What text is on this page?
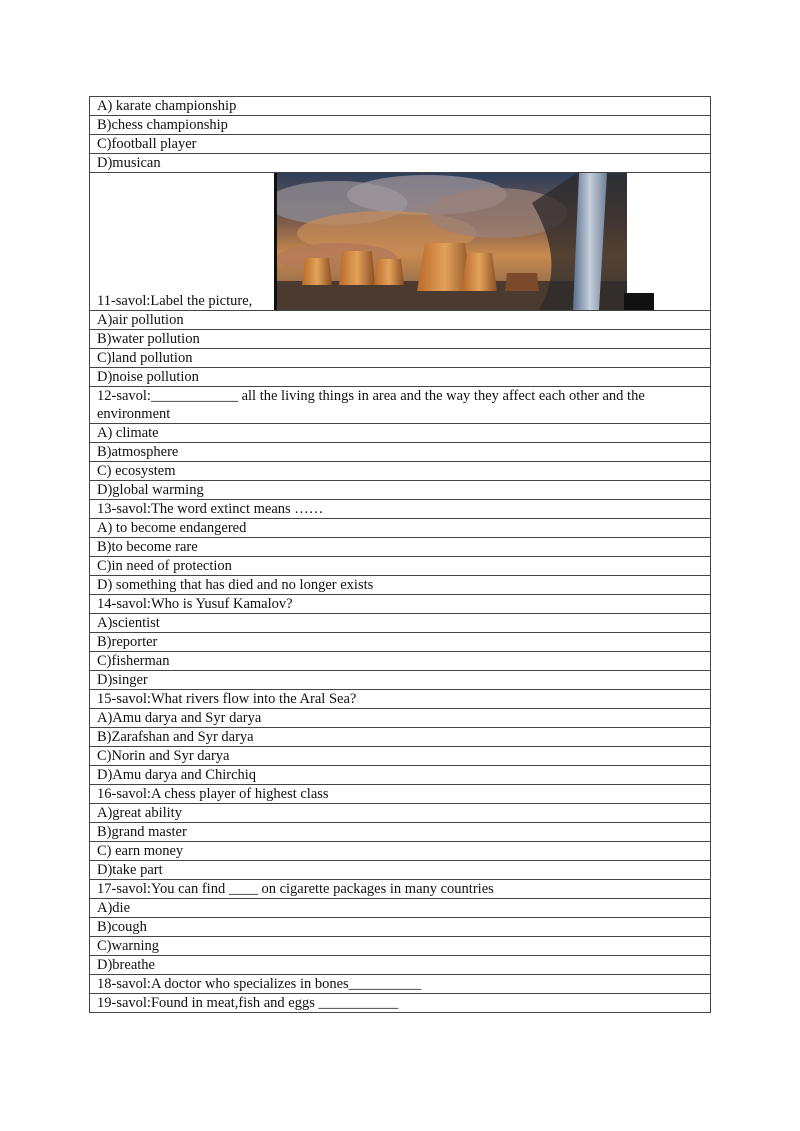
A) karate championship
B)chess championship
C)football player
D)musican

11-savol:Label the picture,

A)air pollution
B)water pollution
C)land pollution
D)noise pollution
12-savol:____________ all the living things in area and the way they affect each other and the environment
A) climate
B)atmosphere
C) ecosystem
D)global warming
13-savol:The word extinct means ……
A) to become endangered
B)to become rare
C)in need of protection
D) something that has died and no longer exists
14-savol:Who is Yusuf Kamalov?
A)scientist
B)reporter
C)fisherman
D)singer
15-savol:What rivers flow into the Aral Sea?
A)Amu darya and Syr darya
B)Zarafshan and Syr darya
C)Norin and Syr darya
D)Amu darya and Chirchiq
16-savol:A chess player of highest class
A)great ability
B)grand master
C) earn money
D)take part
17-savol:You can find ____ on cigarette packages in many countries
A)die
B)cough
C)warning
D)breathe
18-savol:A doctor who specializes in bones__________
19-savol:Found in meat,fish and eggs ___________
